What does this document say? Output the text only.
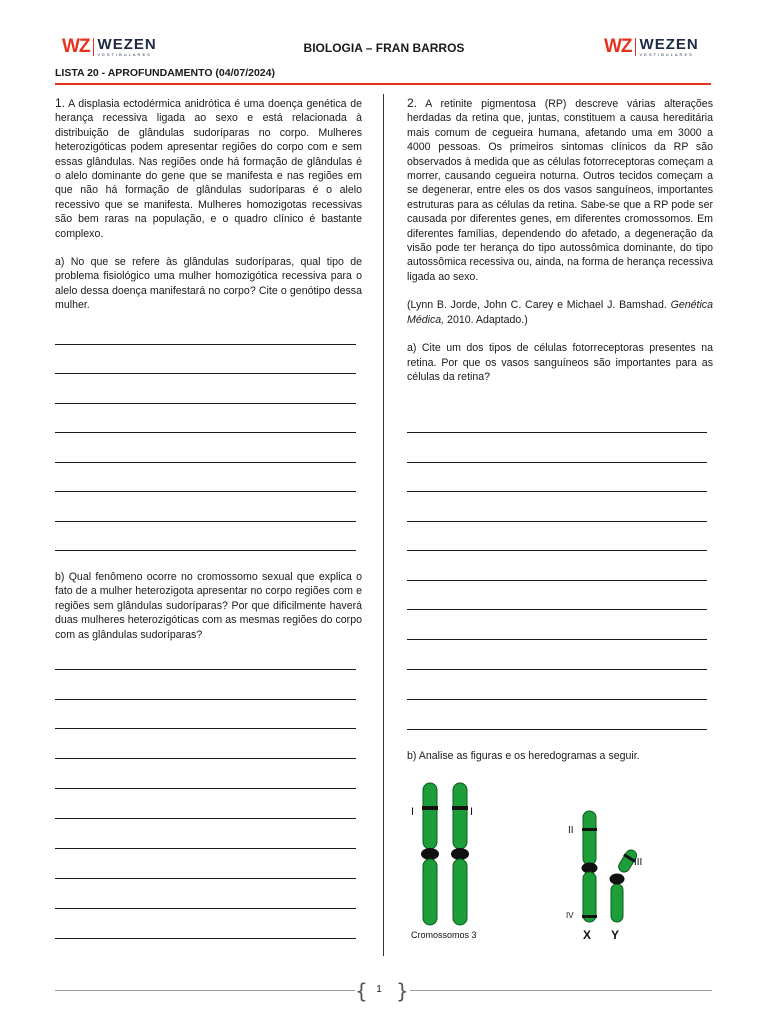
WZ WEZEN
VESTIBULARES	BIOLOGIA – FRAN BARROS	WZ WEZEN
VESTIBULARES
LISTA 20 - APROFUNDAMENTO (04/07/2024)

1. A displasia ectodérmica anidrótica é uma doença genética de herança recessiva ligada ao sexo e está relacionada à distribuição de glândulas sudoríparas no corpo. Mulheres heterozigóticas podem apresentar regiões do corpo com e sem essas glândulas. Nas regiões onde há formação de glândulas é o alelo dominante do gene que se manifesta e nas regiões em que não há formação de glândulas sudoríparas é o alelo recessivo que se manifesta. Mulheres homozigotas recessivas são bem raras na população, e o quadro clínico é bastante complexo.

a) No que se refere às glândulas sudoríparas, qual tipo de problema fisiológico uma mulher homozigótica recessiva para o alelo dessa doença manifestará no corpo? Cite o genótipo dessa mulher.

b) Qual fenômeno ocorre no cromossomo sexual que explica o fato de a mulher heterozigota apresentar no corpo regiões com e regiões sem glândulas sudoríparas? Por que dificilmente haverá duas mulheres heterozigóticas com as mesmas regiões do corpo com as glândulas sudoríparas?

2. A retinite pigmentosa (RP) descreve várias alterações herdadas da retina que, juntas, constituem a causa hereditária mais comum de cegueira humana, afetando uma em 3000 a 4000 pessoas. Os primeiros sintomas clínicos da RP são observados à medida que as células fotorreceptoras começam a morrer, causando cegueira noturna. Outros tecidos começam a se degenerar, entre eles os dos vasos sanguíneos, importantes estruturas para as células da retina. Sabe-se que a RP pode ser causada por diferentes genes, em diferentes cromossomos. Em diferentes famílias, dependendo do afetado, a degeneração da visão pode ter herança do tipo autossômica dominante, do tipo autossômica recessiva ou, ainda, na forma de herança recessiva ligada ao sexo.

(Lynn B. Jorde, John C. Carey e Michael J. Bamshad. Genética Médica, 2010. Adaptado.)

a) Cite um dos tipos de células fotorreceptoras presentes na retina. Por que os vasos sanguíneos são importantes para as células da retina?

b) Analise as figuras e os heredogramas a seguir.

I	I
Cromossomos 3
II
III
IV
X Y
{ 1 }
